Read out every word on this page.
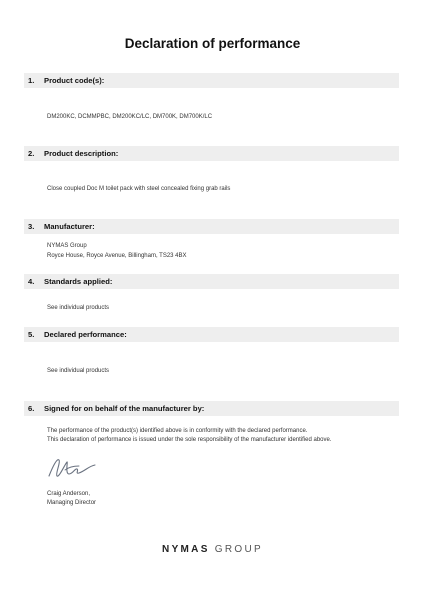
Declaration of performance
1.	Product code(s):
DM200KC, DCMMPBC, DM200KC/LC, DM700K, DM700K/LC
2.	Product description:
Close coupled Doc M toilet pack with steel concealed fixing grab rails
3.	Manufacturer:
NYMAS Group
Royce House, Royce Avenue, Billingham, TS23 4BX
4.	Standards applied:
See individual products
5.	Declared performance:
See individual products
6.	Signed for on behalf of the manufacturer by:
The performance of the product(s) identified above is in conformity with the declared performance.
This declaration of performance is issued under the sole responsibility of the manufacturer identified above.
Craig Anderson,
Managing Director
NYMAS GROUP
